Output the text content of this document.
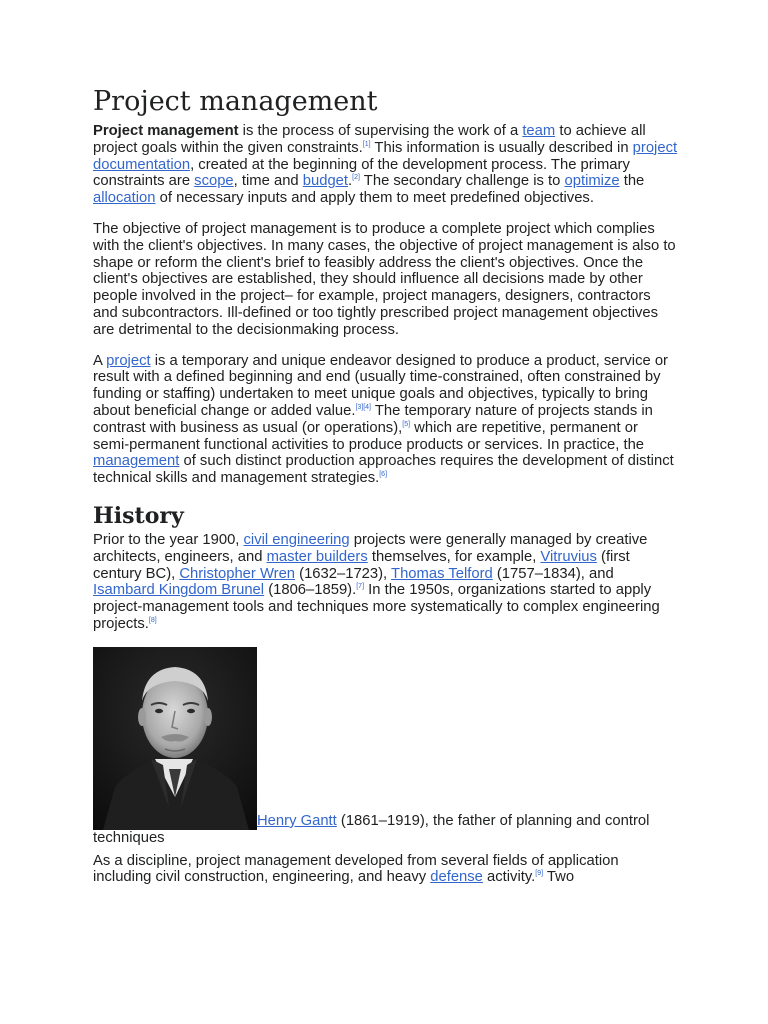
Project management

Project management is the process of supervising the work of a team to achieve all project goals within the given constraints.[1] This information is usually described in project documentation, created at the beginning of the development process. The primary constraints are scope, time and budget.[2] The secondary challenge is to optimize the allocation of necessary inputs and apply them to meet predefined objectives.

The objective of project management is to produce a complete project which complies with the client's objectives. In many cases, the objective of project management is also to shape or reform the client's brief to feasibly address the client's objectives. Once the client's objectives are established, they should influence all decisions made by other people involved in the project– for example, project managers, designers, contractors and subcontractors. Ill-defined or too tightly prescribed project management objectives are detrimental to the decisionmaking process.

A project is a temporary and unique endeavor designed to produce a product, service or result with a defined beginning and end (usually time-constrained, often constrained by funding or staffing) undertaken to meet unique goals and objectives, typically to bring about beneficial change or added value.[3][4] The temporary nature of projects stands in contrast with business as usual (or operations),[5] which are repetitive, permanent or semi-permanent functional activities to produce products or services. In practice, the management of such distinct production approaches requires the development of distinct technical skills and management strategies.[6]

History

Prior to the year 1900, civil engineering projects were generally managed by creative architects, engineers, and master builders themselves, for example, Vitruvius (first century BC), Christopher Wren (1632–1723), Thomas Telford (1757–1834), and Isambard Kingdom Brunel (1806–1859).[7] In the 1950s, organizations started to apply project-management tools and techniques more systematically to complex engineering projects.[8]

Henry Gantt (1861–1919), the father of planning and control techniques

As a discipline, project management developed from several fields of application including civil construction, engineering, and heavy defense activity.[9] Two
